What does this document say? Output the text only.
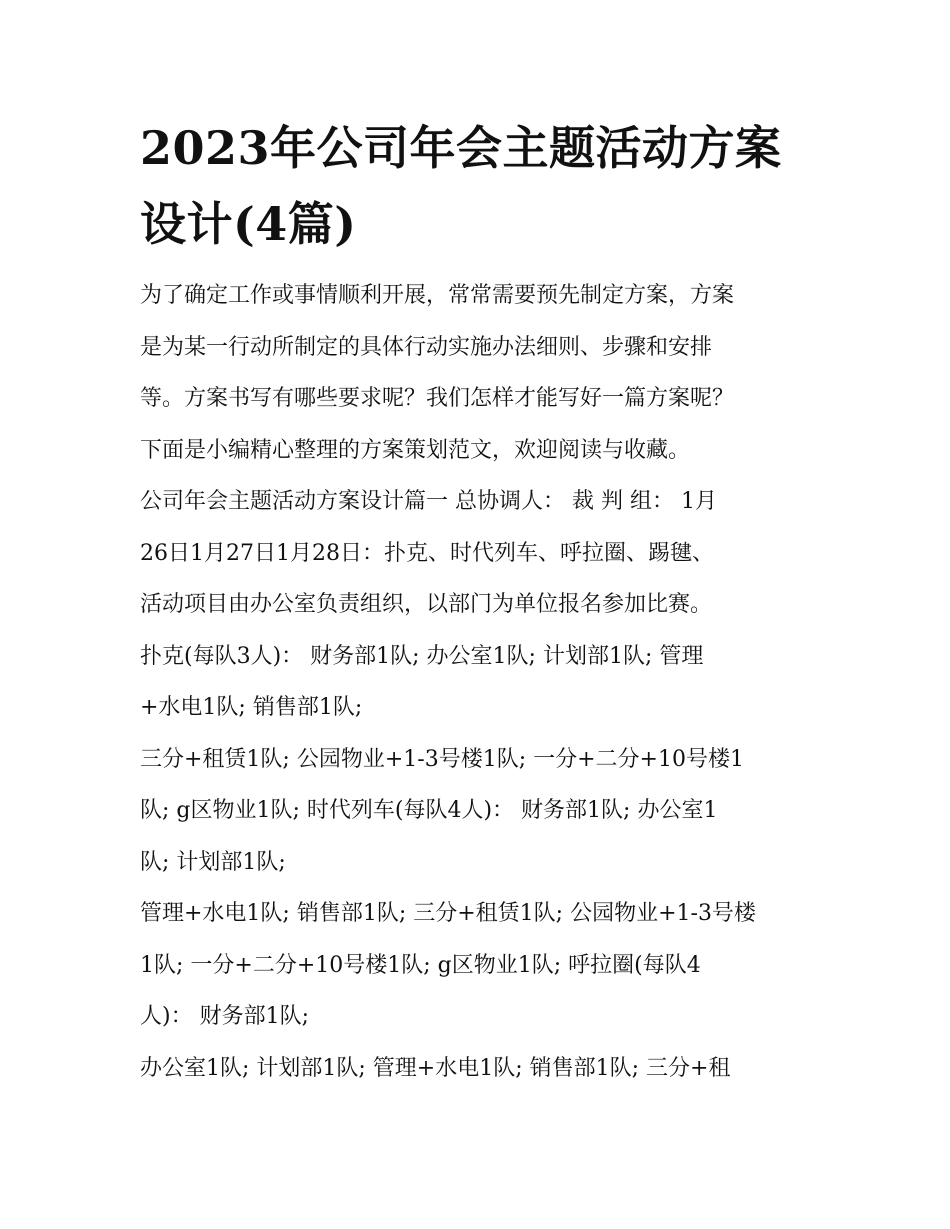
2023年公司年会主题活动方案
设计(4篇)

为了确定工作或事情顺利开展，常常需要预先制定方案，方案
是为某一行动所制定的具体行动实施办法细则、步骤和安排
等。方案书写有哪些要求呢？我们怎样才能写好一篇方案呢？
下面是小编精心整理的方案策划范文，欢迎阅读与收藏。

公司年会主题活动方案设计篇一 总协调人： 裁 判 组： 1月
26日1月27日1月28日：扑克、时代列车、呼拉圈、踢毽、
活动项目由办公室负责组织，以部门为单位报名参加比赛。

扑克(每队3人)： 财务部1队; 办公室1队; 计划部1队; 管理
+水电1队; 销售部1队;

三分+租赁1队; 公园物业+1-3号楼1队; 一分+二分+10号楼1
队; g区物业1队; 时代列车(每队4人)： 财务部1队; 办公室1
队; 计划部1队;

管理+水电1队; 销售部1队; 三分+租赁1队; 公园物业+1-3号楼
1队; 一分+二分+10号楼1队; g区物业1队; 呼拉圈(每队4
人)： 财务部1队;

办公室1队; 计划部1队; 管理+水电1队; 销售部1队; 三分+租
